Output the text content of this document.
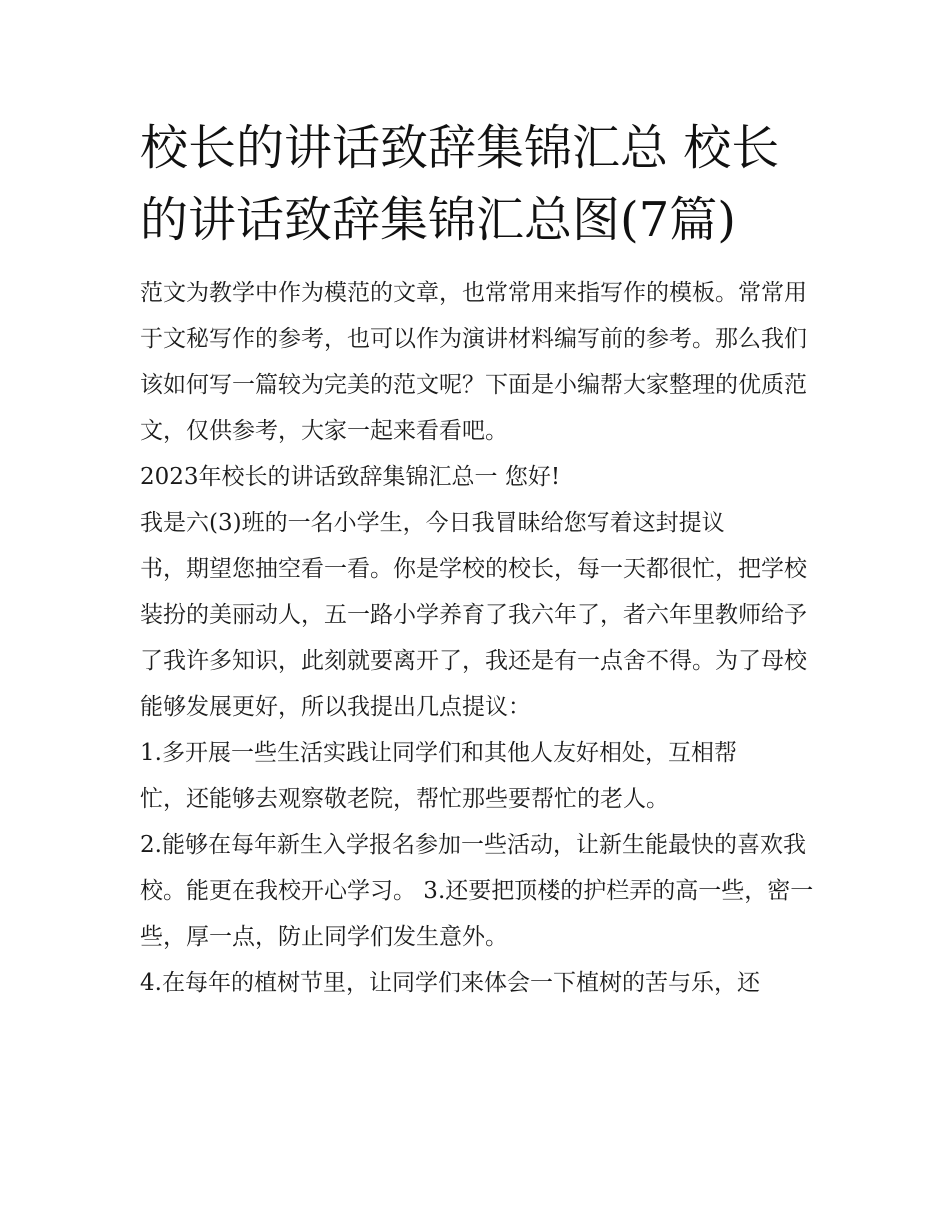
校长的讲话致辞集锦汇总 校长的讲话致辞集锦汇总图(7篇)

范文为教学中作为模范的文章，也常常用来指写作的模板。常常用于文秘写作的参考，也可以作为演讲材料编写前的参考。那么我们该如何写一篇较为完美的范文呢？下面是小编帮大家整理的优质范文，仅供参考，大家一起来看看吧。

2023年校长的讲话致辞集锦汇总一 您好!

我是六(3)班的一名小学生，今日我冒昧给您写着这封提议

书，期望您抽空看一看。你是学校的校长，每一天都很忙，把学校装扮的美丽动人，五一路小学养育了我六年了，者六年里教师给予了我许多知识，此刻就要离开了，我还是有一点舍不得。为了母校能够发展更好，所以我提出几点提议：

1.多开展一些生活实践让同学们和其他人友好相处，互相帮

忙，还能够去观察敬老院，帮忙那些要帮忙的老人。

2.能够在每年新生入学报名参加一些活动，让新生能最快的喜欢我校。能更在我校开心学习。 3.还要把顶楼的护栏弄的高一些，密一些，厚一点，防止同学们发生意外。

4.在每年的植树节里，让同学们来体会一下植树的苦与乐，还
